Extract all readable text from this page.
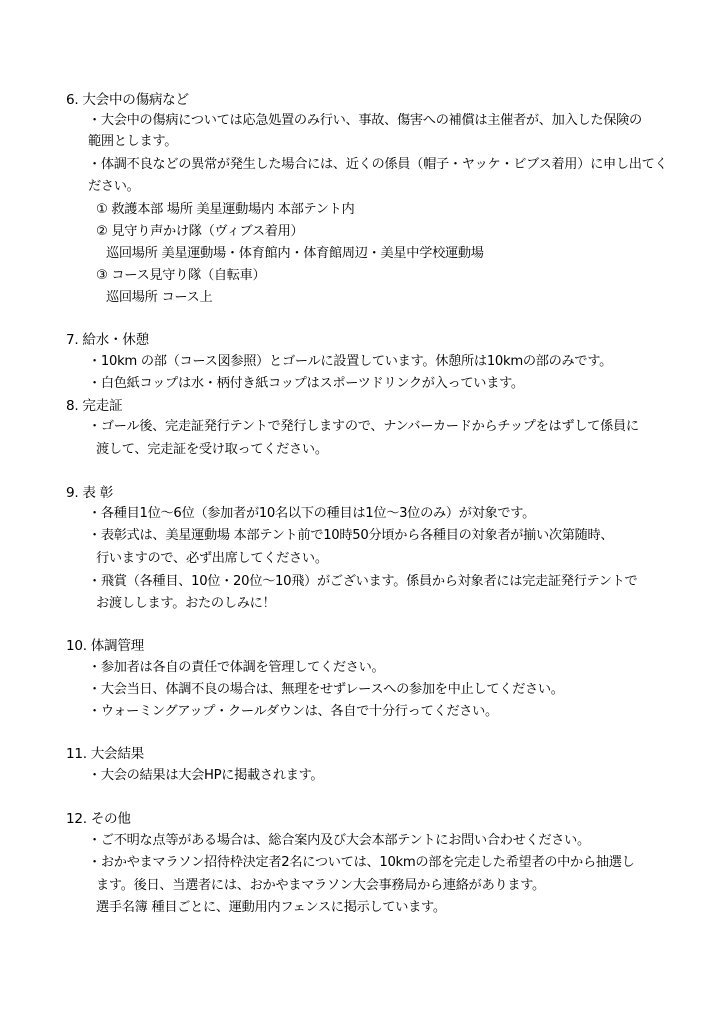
6. 大会中の傷病など
・大会中の傷病については応急処置のみ行い、事故、傷害への補償は主催者が、加入した保険の
範囲とします。
・体調不良などの異常が発生した場合には、近くの係員（帽子・ヤッケ・ビブス着用）に申し出てく
ださい。
① 救護本部 場所 美星運動場内 本部テント内
② 見守り声かけ隊（ヴィブス着用）
巡回場所 美星運動場・体育館内・体育館周辺・美星中学校運動場
③ コース見守り隊（自転車）
巡回場所 コース上
7. 給水・休憩
・10km の部（コース図参照）とゴールに設置しています。休憩所は10kmの部のみです。
・白色紙コップは水・柄付き紙コップはスポーツドリンクが入っています。
8. 完走証
・ゴール後、完走証発行テントで発行しますので、ナンバーカードからチップをはずして係員に
渡して、完走証を受け取ってください。
9. 表 彰
・各種目1位～6位（参加者が10名以下の種目は1位～3位のみ）が対象です。
・表彰式は、美星運動場 本部テント前で10時50分頃から各種目の対象者が揃い次第随時、
行いますので、必ず出席してください。
・飛賞（各種目、10位・20位～10飛）がございます。係員から対象者には完走証発行テントで
お渡しします。おたのしみに！
10. 体調管理
・参加者は各自の責任で体調を管理してください。
・大会当日、体調不良の場合は、無理をせずレースへの参加を中止してください。
・ウォーミングアップ・クールダウンは、各自で十分行ってください。
11. 大会結果
・大会の結果は大会HPに掲載されます。
12. その他
・ご不明な点等がある場合は、総合案内及び大会本部テントにお問い合わせください。
・おかやまマラソン招待枠決定者2名については、10kmの部を完走した希望者の中から抽選し
ます。後日、当選者には、おかやまマラソン大会事務局から連絡があります。
選手名簿 種目ごとに、運動用内フェンスに掲示しています。
